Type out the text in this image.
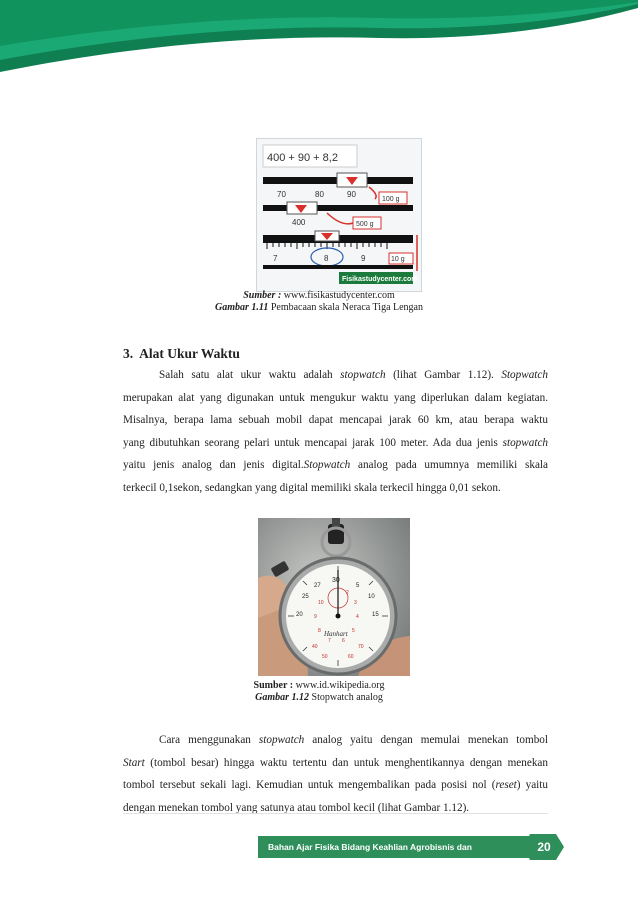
400 + 90 + 8,2
70	80	90
100 g
400	500 g
7	8	9	10 g
Fisikastudycenter.com
Sumber : www.fisikastudycenter.com
Gambar 1.11 Pembacaan skala Neraca Tiga Lengan
3. Alat Ukur Waktu
Salah satu alat ukur waktu adalah stopwatch (lihat Gambar 1.12). Stopwatch
merupakan alat yang digunakan untuk mengukur waktu yang diperlukan dalam kegiatan.
Misalnya, berapa lama sebuah mobil dapat mencapai jarak 60 km, atau berapa waktu
yang dibutuhkan seorang pelari untuk mencapai jarak 100 meter. Ada dua jenis stopwatch
yaitu jenis analog dan jenis digital.Stopwatch analog pada umumnya memiliki skala
terkecil 0,1sekon, sedangkan yang digital memiliki skala terkecil hingga 0,01 sekon.
30
27
25
20	15
10
5
2
3
4
5
6
7
8
9
10
40
50	60
70
Hanhart
Sumber : www.id.wikipedia.org
Gambar 1.12 Stopwatch analog
Cara menggunakan stopwatch analog yaitu dengan memulai menekan tombol
Start (tombol besar) hingga waktu tertentu dan untuk menghentikannya dengan menekan
tombol tersebut sekali lagi. Kemudian untuk mengembalikan pada posisi nol (reset) yaitu
dengan menekan tombol yang satunya atau tombol kecil (lihat Gambar 1.12).
Bahan Ajar Fisika Bidang Keahlian Agrobisnis dan Agroteknologi
20
